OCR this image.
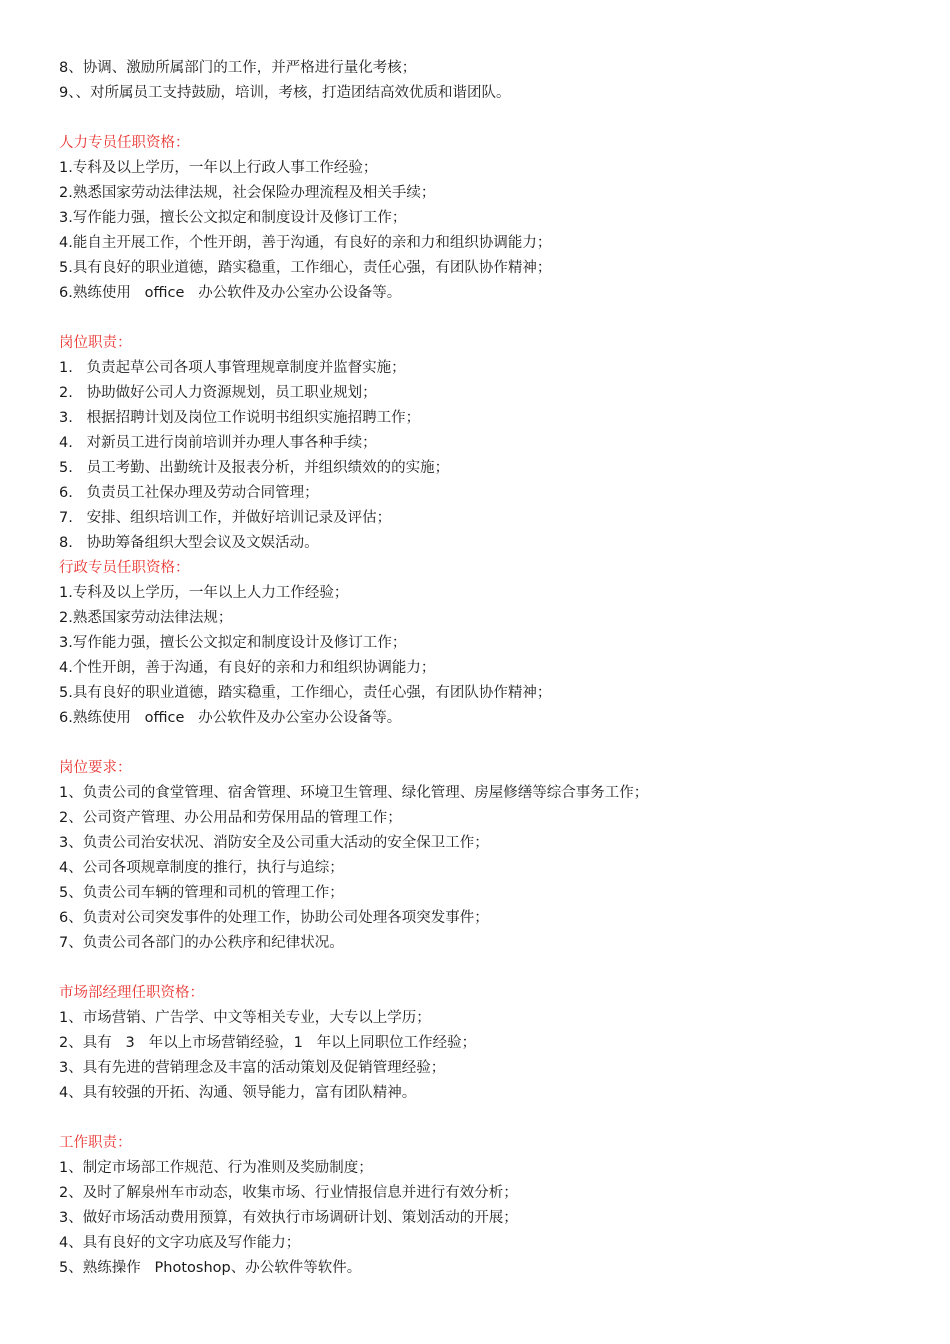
8、协调、激励所属部门的工作，并严格进行量化考核；
9、、对所属员工支持鼓励，培训，考核，打造团结高效优质和谐团队。
人力专员任职资格：
1.专科及以上学历，一年以上行政人事工作经验；
2.熟悉国家劳动法律法规，社会保险办理流程及相关手续；
3.写作能力强，擅长公文拟定和制度设计及修订工作；
4.能自主开展工作，个性开朗，善于沟通，有良好的亲和力和组织协调能力；
5.具有良好的职业道德，踏实稳重，工作细心，责任心强，有团队协作精神；
6.熟练使用   office   办公软件及办公室办公设备等。
岗位职责：
1.   负责起草公司各项人事管理规章制度并监督实施；
2.   协助做好公司人力资源规划，员工职业规划；
3.   根据招聘计划及岗位工作说明书组织实施招聘工作；
4.   对新员工进行岗前培训并办理人事各种手续；
5.   员工考勤、出勤统计及报表分析，并组织绩效的的实施；
6.   负责员工社保办理及劳动合同管理；
7.   安排、组织培训工作，并做好培训记录及评估；
8.   协助筹备组织大型会议及文娱活动。
行政专员任职资格：
1.专科及以上学历，一年以上人力工作经验；
2.熟悉国家劳动法律法规；
3.写作能力强，擅长公文拟定和制度设计及修订工作；
4.个性开朗，善于沟通，有良好的亲和力和组织协调能力；
5.具有良好的职业道德，踏实稳重，工作细心，责任心强，有团队协作精神；
6.熟练使用   office   办公软件及办公室办公设备等。
岗位要求：
1、负责公司的食堂管理、宿舍管理、环境卫生管理、绿化管理、房屋修缮等综合事务工作；
2、公司资产管理、办公用品和劳保用品的管理工作；
3、负责公司治安状况、消防安全及公司重大活动的安全保卫工作；
4、公司各项规章制度的推行，执行与追综；
5、负责公司车辆的管理和司机的管理工作；
6、负责对公司突发事件的处理工作，协助公司处理各项突发事件；
7、负责公司各部门的办公秩序和纪律状况。
市场部经理任职资格：
1、市场营销、广告学、中文等相关专业，大专以上学历；
2、具有   3   年以上市场营销经验，1   年以上同职位工作经验；
3、具有先进的营销理念及丰富的活动策划及促销管理经验；
4、具有较强的开拓、沟通、领导能力，富有团队精神。
工作职责：
1、制定市场部工作规范、行为准则及奖励制度；
2、及时了解泉州车市动态，收集市场、行业情报信息并进行有效分析；
3、做好市场活动费用预算，有效执行市场调研计划、策划活动的开展；
4、具有良好的文字功底及写作能力；
5、熟练操作   Photoshop、办公软件等软件。
